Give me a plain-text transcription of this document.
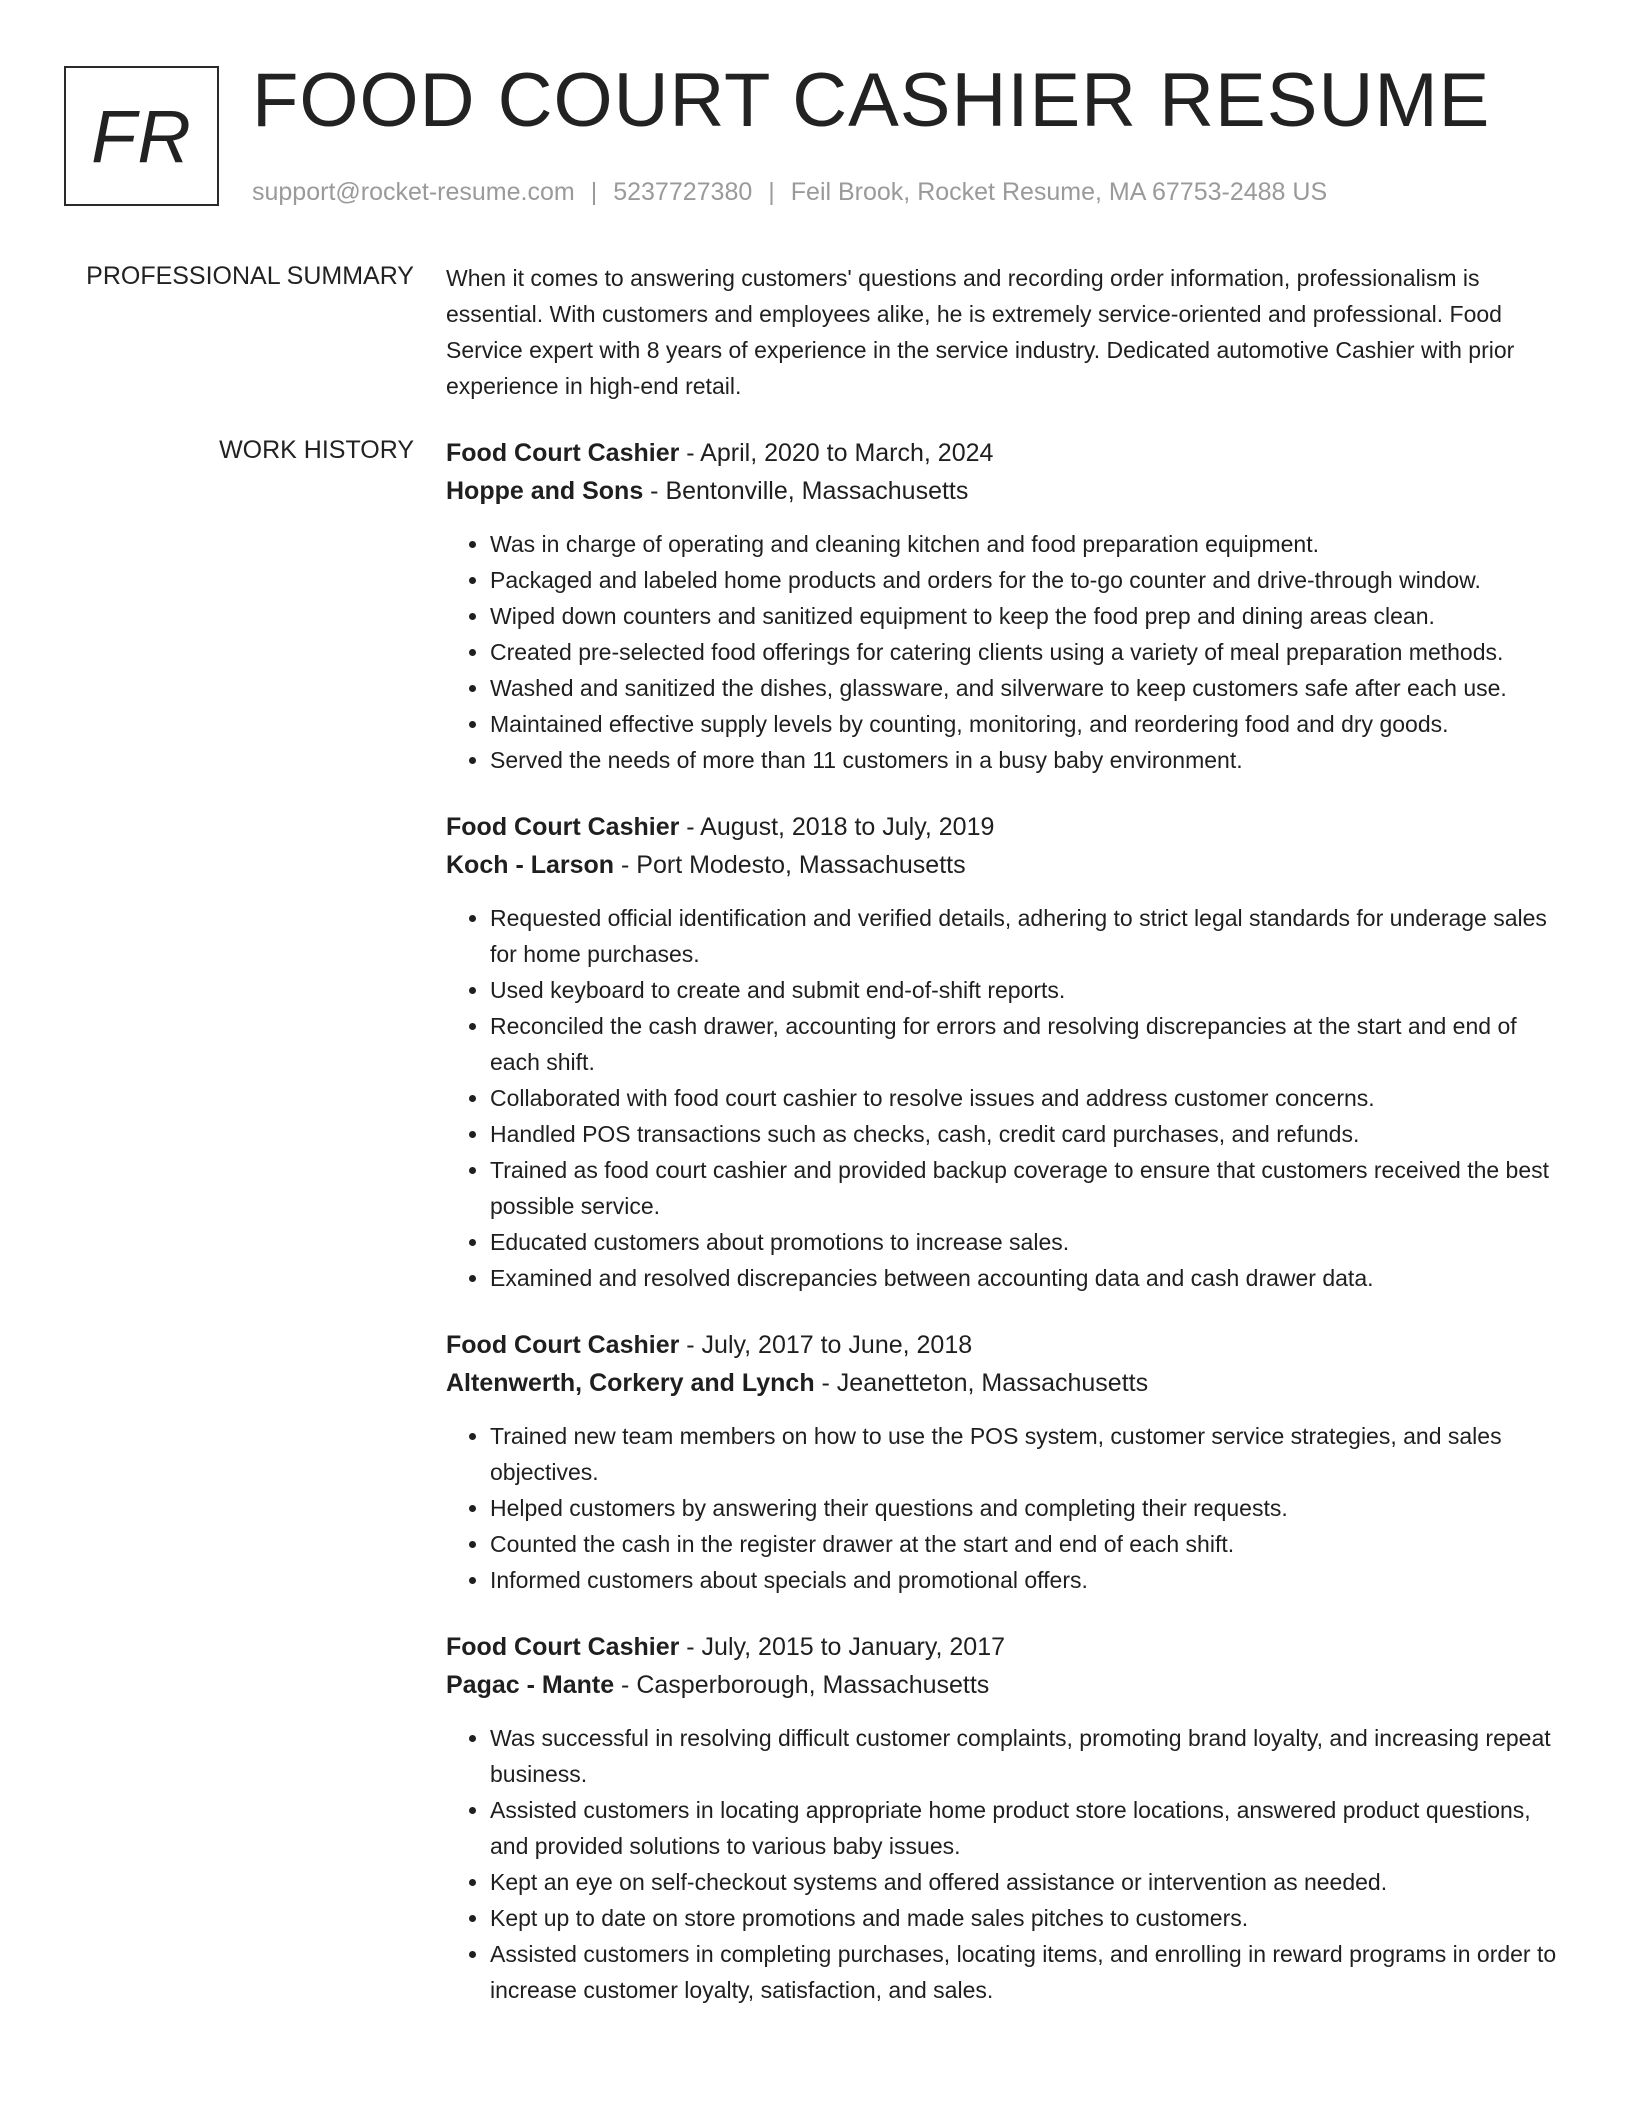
FR FOOD COURT CASHIER RESUME
support@rocket-resume.com | 5237727380 | Feil Brook, Rocket Resume, MA 67753-2488 US
PROFESSIONAL SUMMARY When it comes to answering customers' questions and recording order information, professionalism is essential. With customers and employees alike, he is extremely service-oriented and professional. Food Service expert with 8 years of experience in the service industry. Dedicated automotive Cashier with prior experience in high-end retail.
WORK HISTORY Food Court Cashier - April, 2020 to March, 2024
Hoppe and Sons - Bentonville, Massachusetts
• Was in charge of operating and cleaning kitchen and food preparation equipment.
• Packaged and labeled home products and orders for the to-go counter and drive-through window.
• Wiped down counters and sanitized equipment to keep the food prep and dining areas clean.
• Created pre-selected food offerings for catering clients using a variety of meal preparation methods.
• Washed and sanitized the dishes, glassware, and silverware to keep customers safe after each use.
• Maintained effective supply levels by counting, monitoring, and reordering food and dry goods.
• Served the needs of more than 11 customers in a busy baby environment.
Food Court Cashier - August, 2018 to July, 2019
Koch - Larson - Port Modesto, Massachusetts
• Requested official identification and verified details, adhering to strict legal standards for underage sales for home purchases.
• Used keyboard to create and submit end-of-shift reports.
• Reconciled the cash drawer, accounting for errors and resolving discrepancies at the start and end of each shift.
• Collaborated with food court cashier to resolve issues and address customer concerns.
• Handled POS transactions such as checks, cash, credit card purchases, and refunds.
• Trained as food court cashier and provided backup coverage to ensure that customers received the best possible service.
• Educated customers about promotions to increase sales.
• Examined and resolved discrepancies between accounting data and cash drawer data.
Food Court Cashier - July, 2017 to June, 2018
Altenwerth, Corkery and Lynch - Jeanetteton, Massachusetts
• Trained new team members on how to use the POS system, customer service strategies, and sales objectives.
• Helped customers by answering their questions and completing their requests.
• Counted the cash in the register drawer at the start and end of each shift.
• Informed customers about specials and promotional offers.
Food Court Cashier - July, 2015 to January, 2017
Pagac - Mante - Casperborough, Massachusetts
• Was successful in resolving difficult customer complaints, promoting brand loyalty, and increasing repeat business.
• Assisted customers in locating appropriate home product store locations, answered product questions, and provided solutions to various baby issues.
• Kept an eye on self-checkout systems and offered assistance or intervention as needed.
• Kept up to date on store promotions and made sales pitches to customers.
• Assisted customers in completing purchases, locating items, and enrolling in reward programs in order to increase customer loyalty, satisfaction, and sales.
